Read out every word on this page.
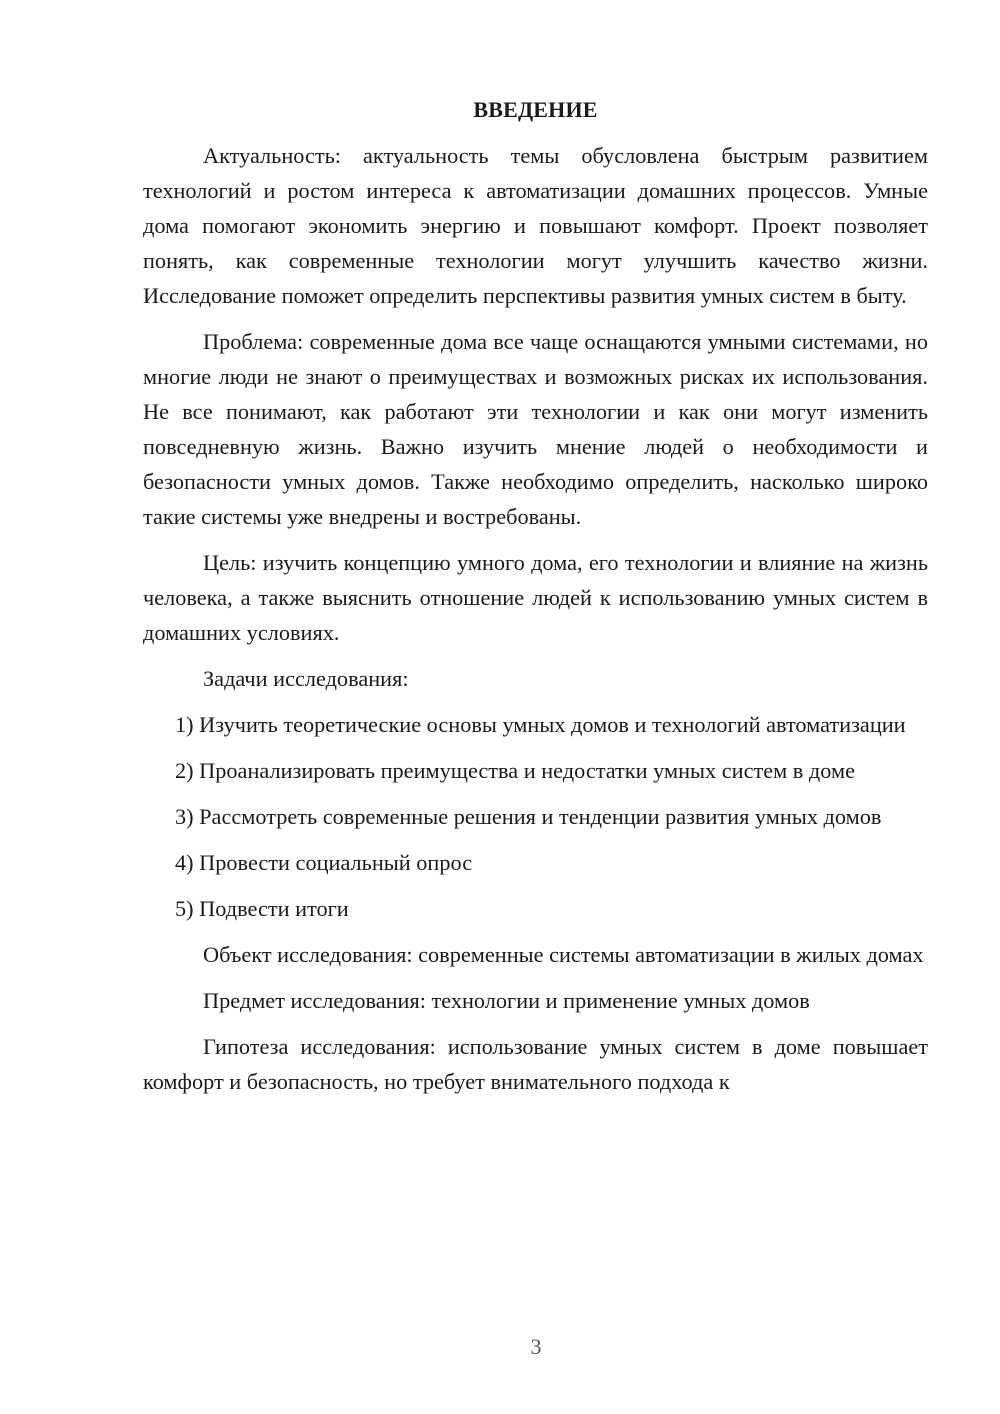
ВВЕДЕНИЕ

Актуальность: актуальность темы обусловлена быстрым развитием технологий и ростом интереса к автоматизации домашних процессов. Умные дома помогают экономить энергию и повышают комфорт. Проект позволяет понять, как современные технологии могут улучшить качество жизни. Исследование поможет определить перспективы развития умных систем в быту.

Проблема: современные дома все чаще оснащаются умными системами, но многие люди не знают о преимуществах и возможных рисках их использования. Не все понимают, как работают эти технологии и как они могут изменить повседневную жизнь. Важно изучить мнение людей о необходимости и безопасности умных домов. Также необходимо определить, насколько широко такие системы уже внедрены и востребованы.

Цель: изучить концепцию умного дома, его технологии и влияние на жизнь человека, а также выяснить отношение людей к использованию умных систем в домашних условиях.

Задачи исследования:

1) Изучить теоретические основы умных домов и технологий автоматизации

2) Проанализировать преимущества и недостатки умных систем в доме

3) Рассмотреть современные решения и тенденции развития умных домов

4) Провести социальный опрос

5) Подвести итоги

Объект исследования: современные системы автоматизации в жилых домах

Предмет исследования: технологии и применение умных домов

Гипотеза исследования: использование умных систем в доме повышает комфорт и безопасность, но требует внимательного подхода к

3
